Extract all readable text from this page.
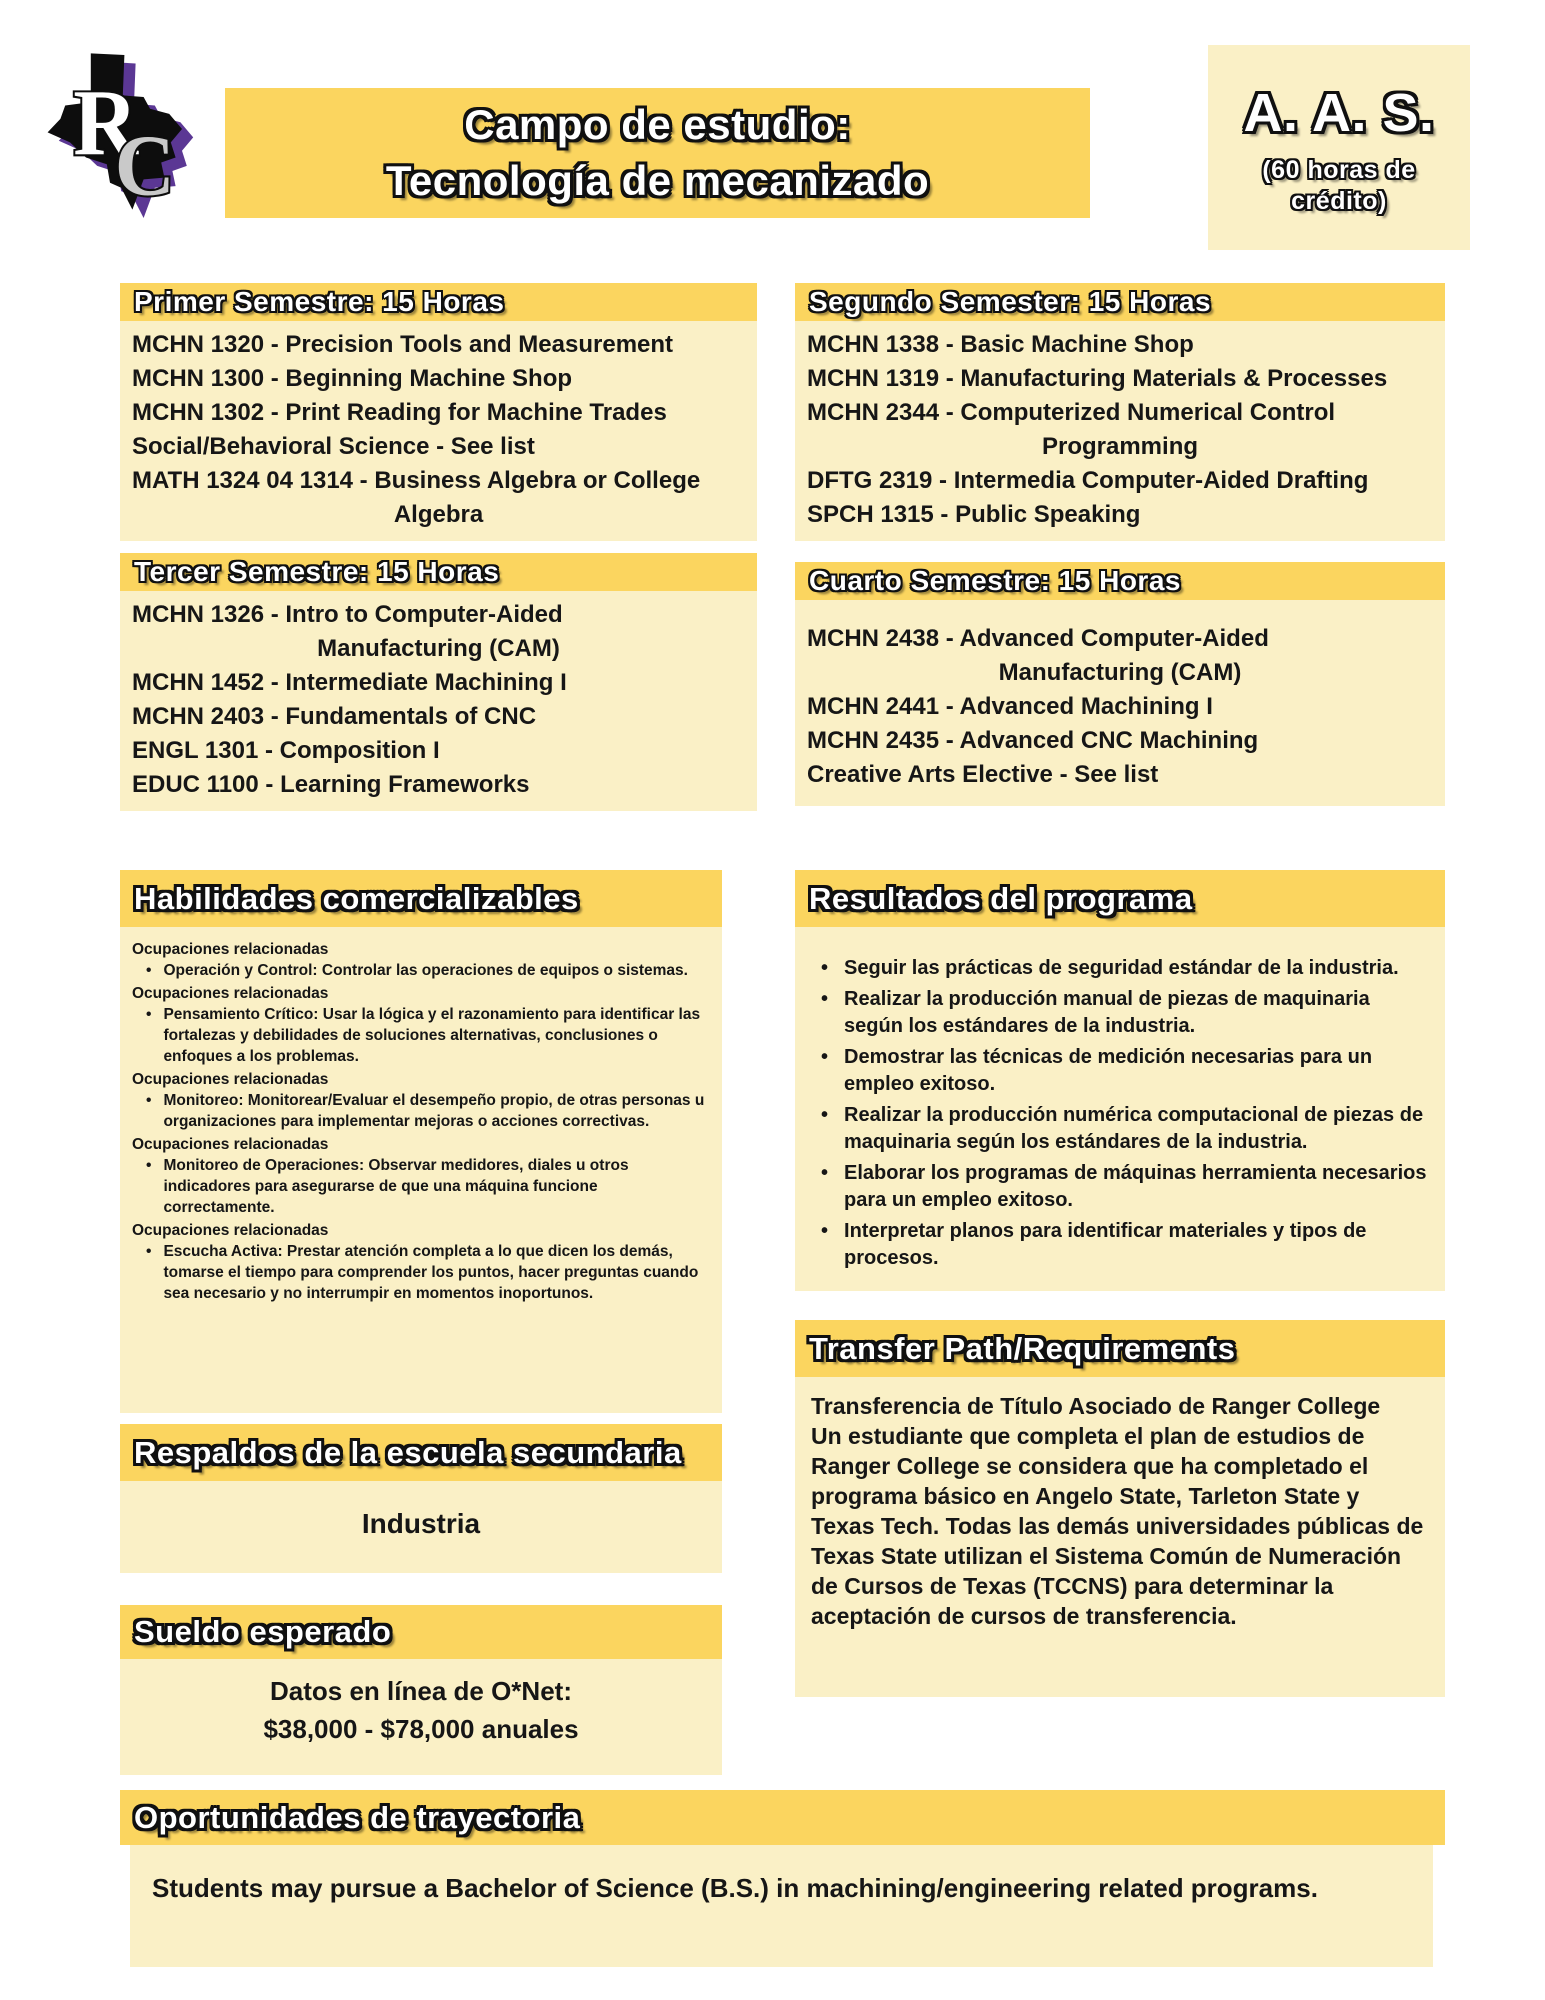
R
C	Campo de estudio:
Tecnología de mecanizado
A. A. S.
(60 horas de crédito)
Primer Semestre: 15 Horas
MCHN 1320 - Precision Tools and Measurement
MCHN 1300 - Beginning Machine Shop
MCHN 1302 - Print Reading for Machine Trades
Social/Behavioral Science - See list
MATH 1324 04 1314 - Business Algebra or College
Algebra
Segundo Semester: 15 Horas
MCHN 1338 - Basic Machine Shop
MCHN 1319 - Manufacturing Materials & Processes
MCHN 2344 - Computerized Numerical Control
Programming
DFTG 2319 - Intermedia Computer-Aided Drafting
SPCH 1315 - Public Speaking
Tercer Semestre: 15 Horas
MCHN 1326 - Intro to Computer-Aided
Manufacturing (CAM)
MCHN 1452 - Intermediate Machining I
MCHN 2403 - Fundamentals of CNC
ENGL 1301 - Composition I
EDUC 1100 - Learning Frameworks
Cuarto Semestre: 15 Horas
MCHN 2438 - Advanced Computer-Aided
Manufacturing (CAM)
MCHN 2441 - Advanced Machining I
MCHN 2435 - Advanced CNC Machining
Creative Arts Elective - See list
Habilidades comercializables
Ocupaciones relacionadas
• Operación y Control: Controlar las operaciones de equipos o sistemas.
Ocupaciones relacionadas
• Pensamiento Crítico: Usar la lógica y el razonamiento para identificar las fortalezas y debilidades de soluciones alternativas, conclusiones o enfoques a los problemas.
Ocupaciones relacionadas
• Monitoreo: Monitorear/Evaluar el desempeño propio, de otras personas u organizaciones para implementar mejoras o acciones correctivas.
Ocupaciones relacionadas
• Monitoreo de Operaciones: Observar medidores, diales u otros indicadores para asegurarse de que una máquina funcione correctamente.
Ocupaciones relacionadas
• Escucha Activa: Prestar atención completa a lo que dicen los demás, tomarse el tiempo para comprender los puntos, hacer preguntas cuando sea necesario y no interrumpir en momentos inoportunos.
Resultados del programa
• Seguir las prácticas de seguridad estándar de la industria.
• Realizar la producción manual de piezas de maquinaria según los estándares de la industria.
• Demostrar las técnicas de medición necesarias para un empleo exitoso.
• Realizar la producción numérica computacional de piezas de maquinaria según los estándares de la industria.
• Elaborar los programas de máquinas herramienta necesarios para un empleo exitoso.
• Interpretar planos para identificar materiales y tipos de procesos.
Transfer Path/Requirements
Transferencia de Título Asociado de Ranger College
Un estudiante que completa el plan de estudios de Ranger College se considera que ha completado el programa básico en Angelo State, Tarleton State y Texas Tech. Todas las demás universidades públicas de Texas State utilizan el Sistema Común de Numeración de Cursos de Texas (TCCNS) para determinar la aceptación de cursos de transferencia.
Respaldos de la escuela secundaria
Industria
Sueldo esperado
Datos en línea de O*Net:
$38,000 - $78,000 anuales
Oportunidades de trayectoria
Students may pursue a Bachelor of Science (B.S.) in machining/engineering related programs.
